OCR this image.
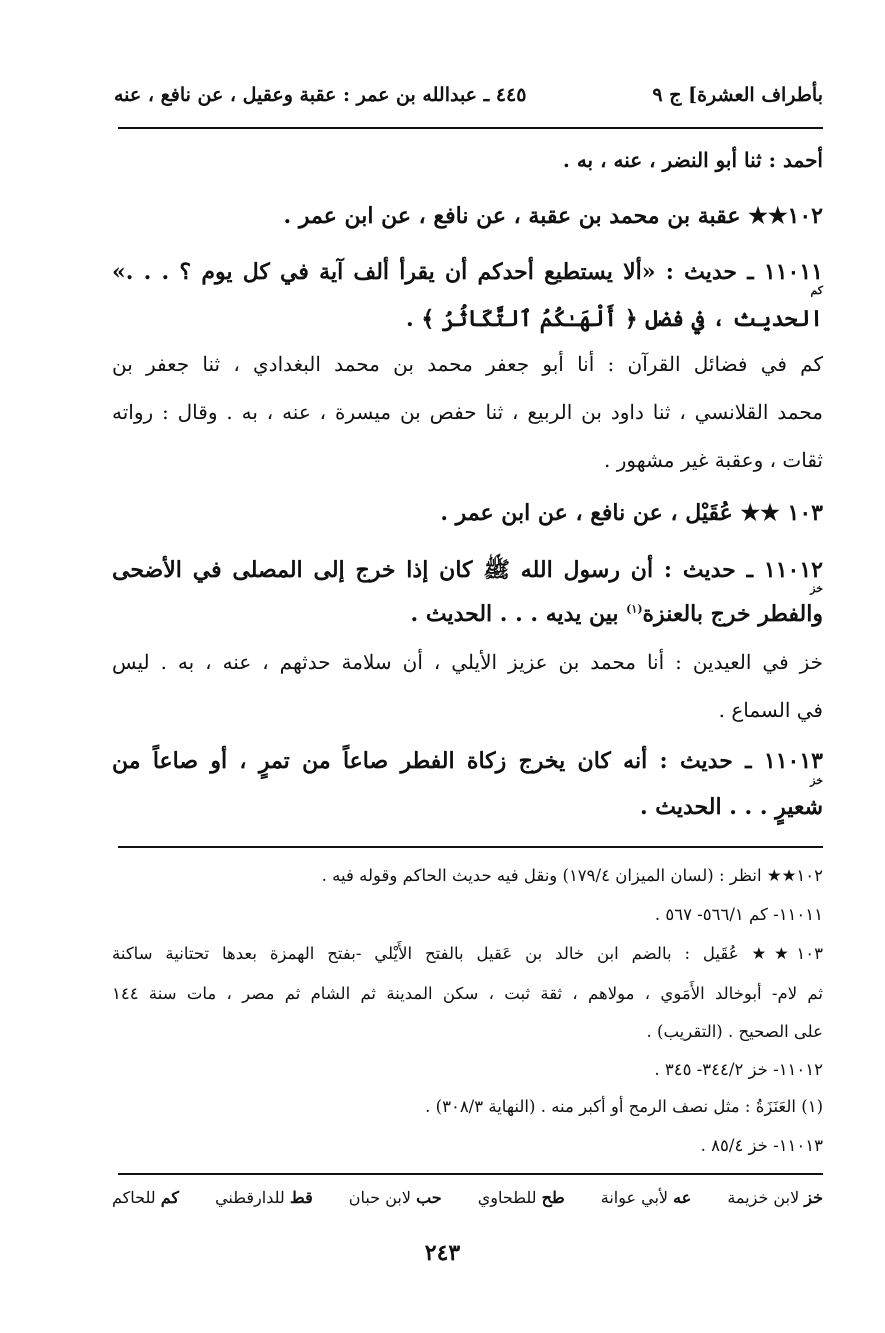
بأطراف العشرة] ج ٩
٤٤٥ ـ عبدالله بن عمر : عقبة وعقيل ، عن نافع ، عنه
أحمد : ثنا أبو النضر ، عنه ، به .
١٠٢★★ عقبة بن محمد بن عقبة ، عن نافع ، عن ابن عمر .
كم
١١٠١١ ـ حديث : «ألا يستطيع أحدكم أن يقرأ ألف آية في كل يوم ؟ . . .»
الحديث ، في فضل ﴿ أَلْهَـٰكُمُ ٱلتَّكَاثُرُ ﴾ .
كم في فضائل القرآن : أنا أبو جعفر محمد بن محمد البغدادي ، ثنا جعفر بن
محمد القلانسي ، ثنا داود بن الربيع ، ثنا حفص بن ميسرة ، عنه ، به . وقال : رواته
ثقات ، وعقبة غير مشهور .
١٠٣ ★★ عُقَيْل ، عن نافع ، عن ابن عمر .
١١٠١٢ ـ حديث : أن رسول الله ﷺ كان إذا خرج إلى المصلى في الأضحى
خز
والفطر خرج بالعنزة$^{(١)}$ بين يديه . . . الحديث .
خز في العيدين : أنا محمد بن عزيز الأيلي ، أن سلامة حدثهم ، عنه ، به . ليس
في السماع .
١١٠١٣ ـ حديث : أنه كان يخرج زكاة الفطر صاعاً من تمرٍ ، أو صاعاً من
خز
شعيرٍ . . . الحديث .
١٠٢★★ انظر : (لسان الميزان ١٧٩/٤) ونقل فيه حديث الحاكم وقوله فيه .
١١٠١١- كم ٥٦٦/١- ٥٦٧ .
١٠٣★★ عُقَيل : بالضم ابن خالد بن عَقيل بالفتح الأَيْلي -بفتح الهمزة بعدها تحتانية ساكنة
ثم لام- أبوخالد الأَمَوي ، مولاهم ، ثقة ثبت ، سكن المدينة ثم الشام ثم مصر ، مات سنة ١٤٤
على الصحيح . (التقريب) .
١١٠١٢- خز ٣٤٤/٢- ٣٤٥ .
(١) العَنَزَةُ : مثل نصف الرمح أو أكبر منه . (النهاية ٣٠٨/٣) .
١١٠١٣- خز ٨٥/٤ .
خز لابن خزيمة
عه لأبي عوانة
طح للطحاوي
حب لابن حبان
قط للدارقطني
كم للحاكم
٢٤٣
